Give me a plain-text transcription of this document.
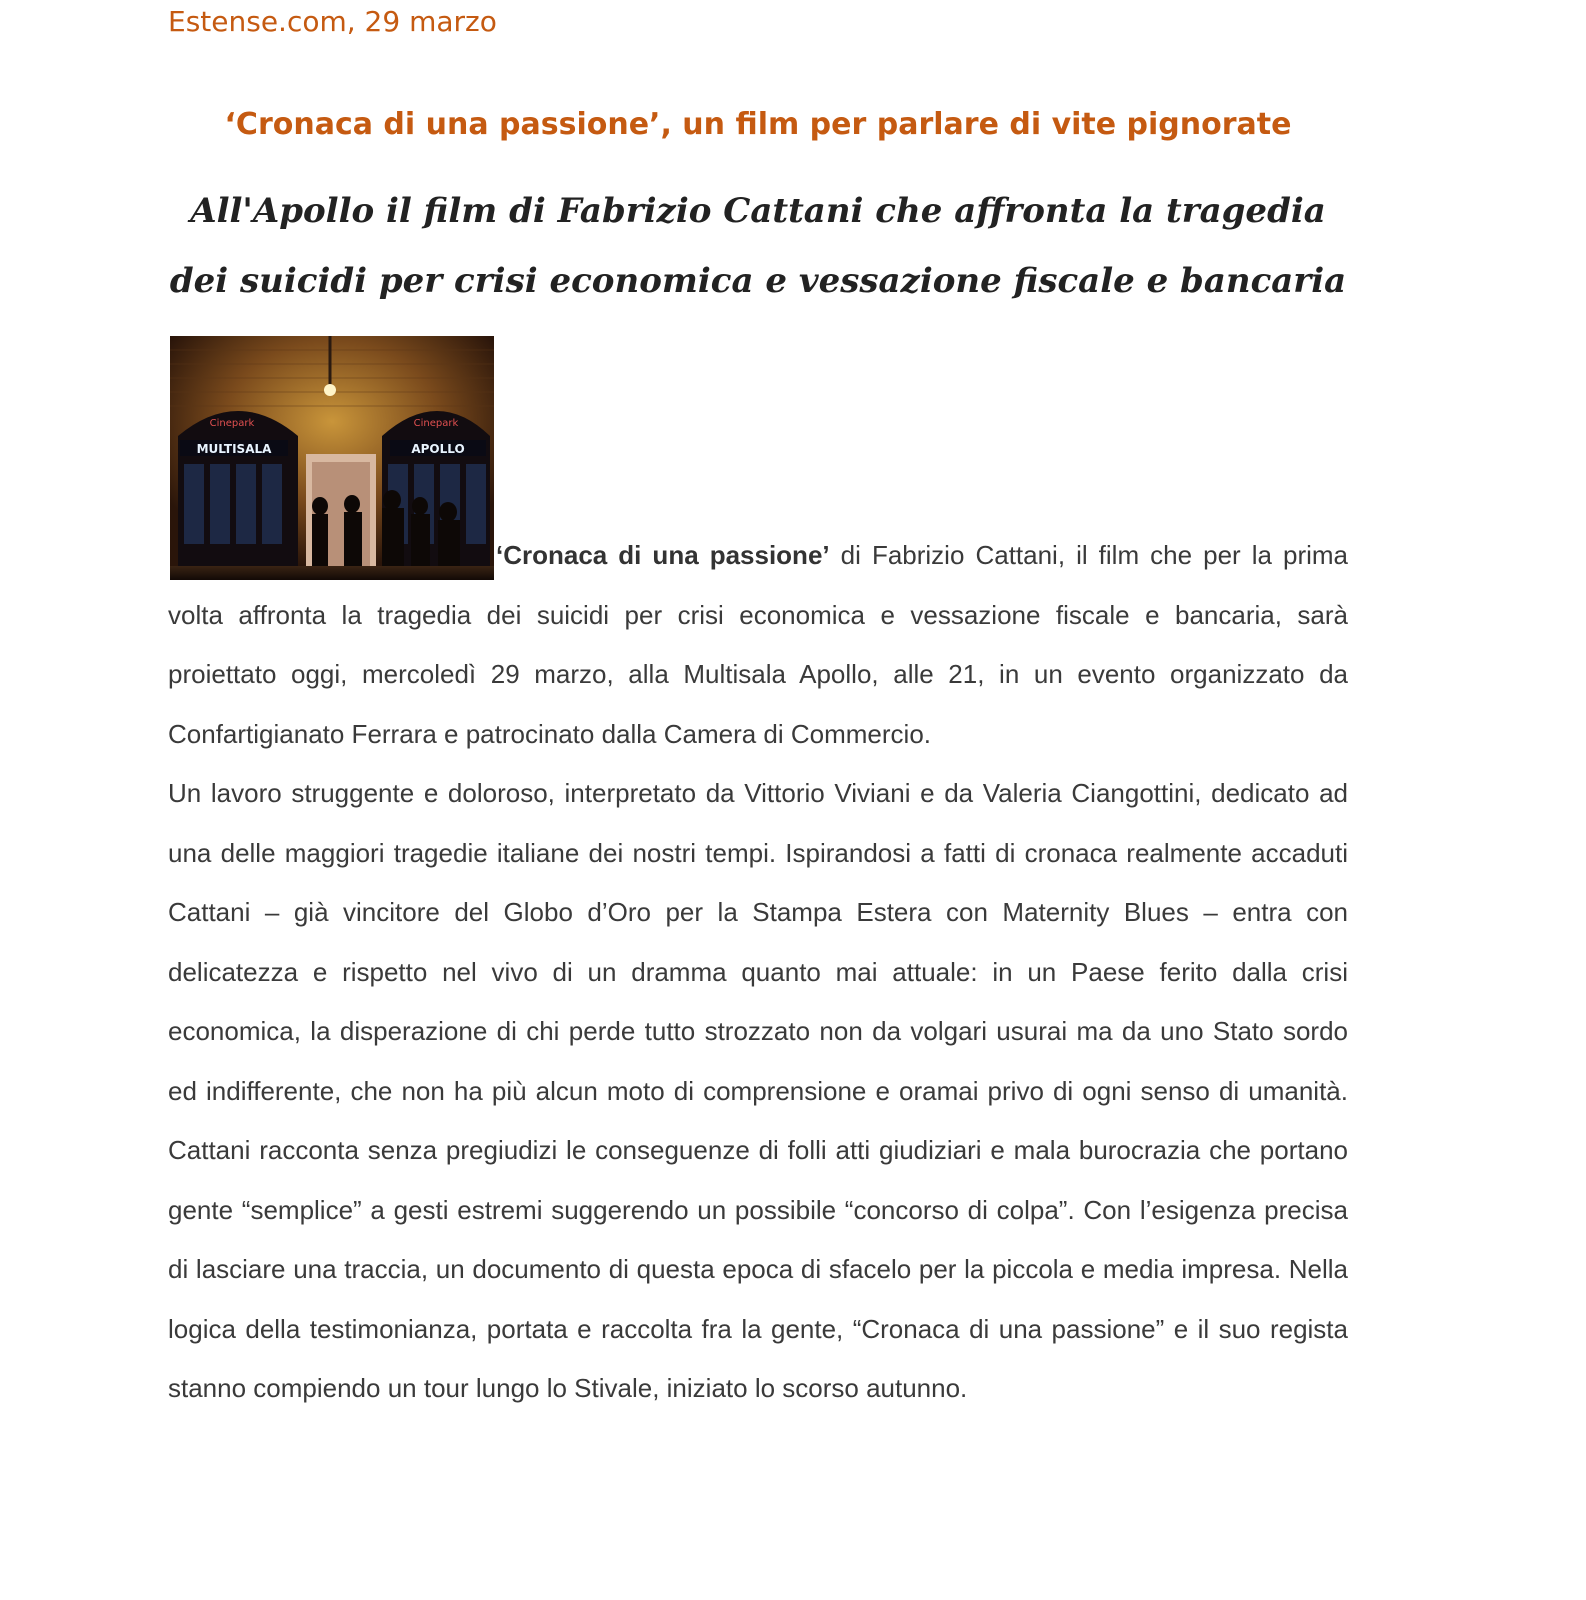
Estense.com, 29 marzo

‘Cronaca di una passione’, un film per parlare di vite pignorate
All'Apollo il film di Fabrizio Cattani che affronta la tragedia dei suicidi per crisi economica e vessazione fiscale e bancaria
MULTISALA	APOLLO
Cinepark	Cinepark

‘Cronaca di una passione’ di Fabrizio Cattani, il film che per la prima volta affronta la tragedia dei suicidi per crisi economica e vessazione fiscale e bancaria, sarà proiettato oggi, mercoledì 29 marzo, alla Multisala Apollo, alle 21, in un evento organizzato da Confartigianato Ferrara e patrocinato dalla Camera di Commercio.

Un lavoro struggente e doloroso, interpretato da Vittorio Viviani e da Valeria Ciangottini, dedicato ad una delle maggiori tragedie italiane dei nostri tempi. Ispirandosi a fatti di cronaca realmente accaduti Cattani – già vincitore del Globo d’Oro per la Stampa Estera con Maternity Blues – entra con delicatezza e rispetto nel vivo di un dramma quanto mai attuale: in un Paese ferito dalla crisi economica, la disperazione di chi perde tutto strozzato non da volgari usurai ma da uno Stato sordo ed indifferente, che non ha più alcun moto di comprensione e oramai privo di ogni senso di umanità. Cattani racconta senza pregiudizi le conseguenze di folli atti giudiziari e mala burocrazia che portano gente “semplice” a gesti estremi suggerendo un possibile “concorso di colpa”. Con l’esigenza precisa di lasciare una traccia, un documento di questa epoca di sfacelo per la piccola e media impresa. Nella logica della testimonianza, portata e raccolta fra la gente, “Cronaca di una passione” e il suo regista stanno compiendo un tour lungo lo Stivale, iniziato lo scorso autunno.
